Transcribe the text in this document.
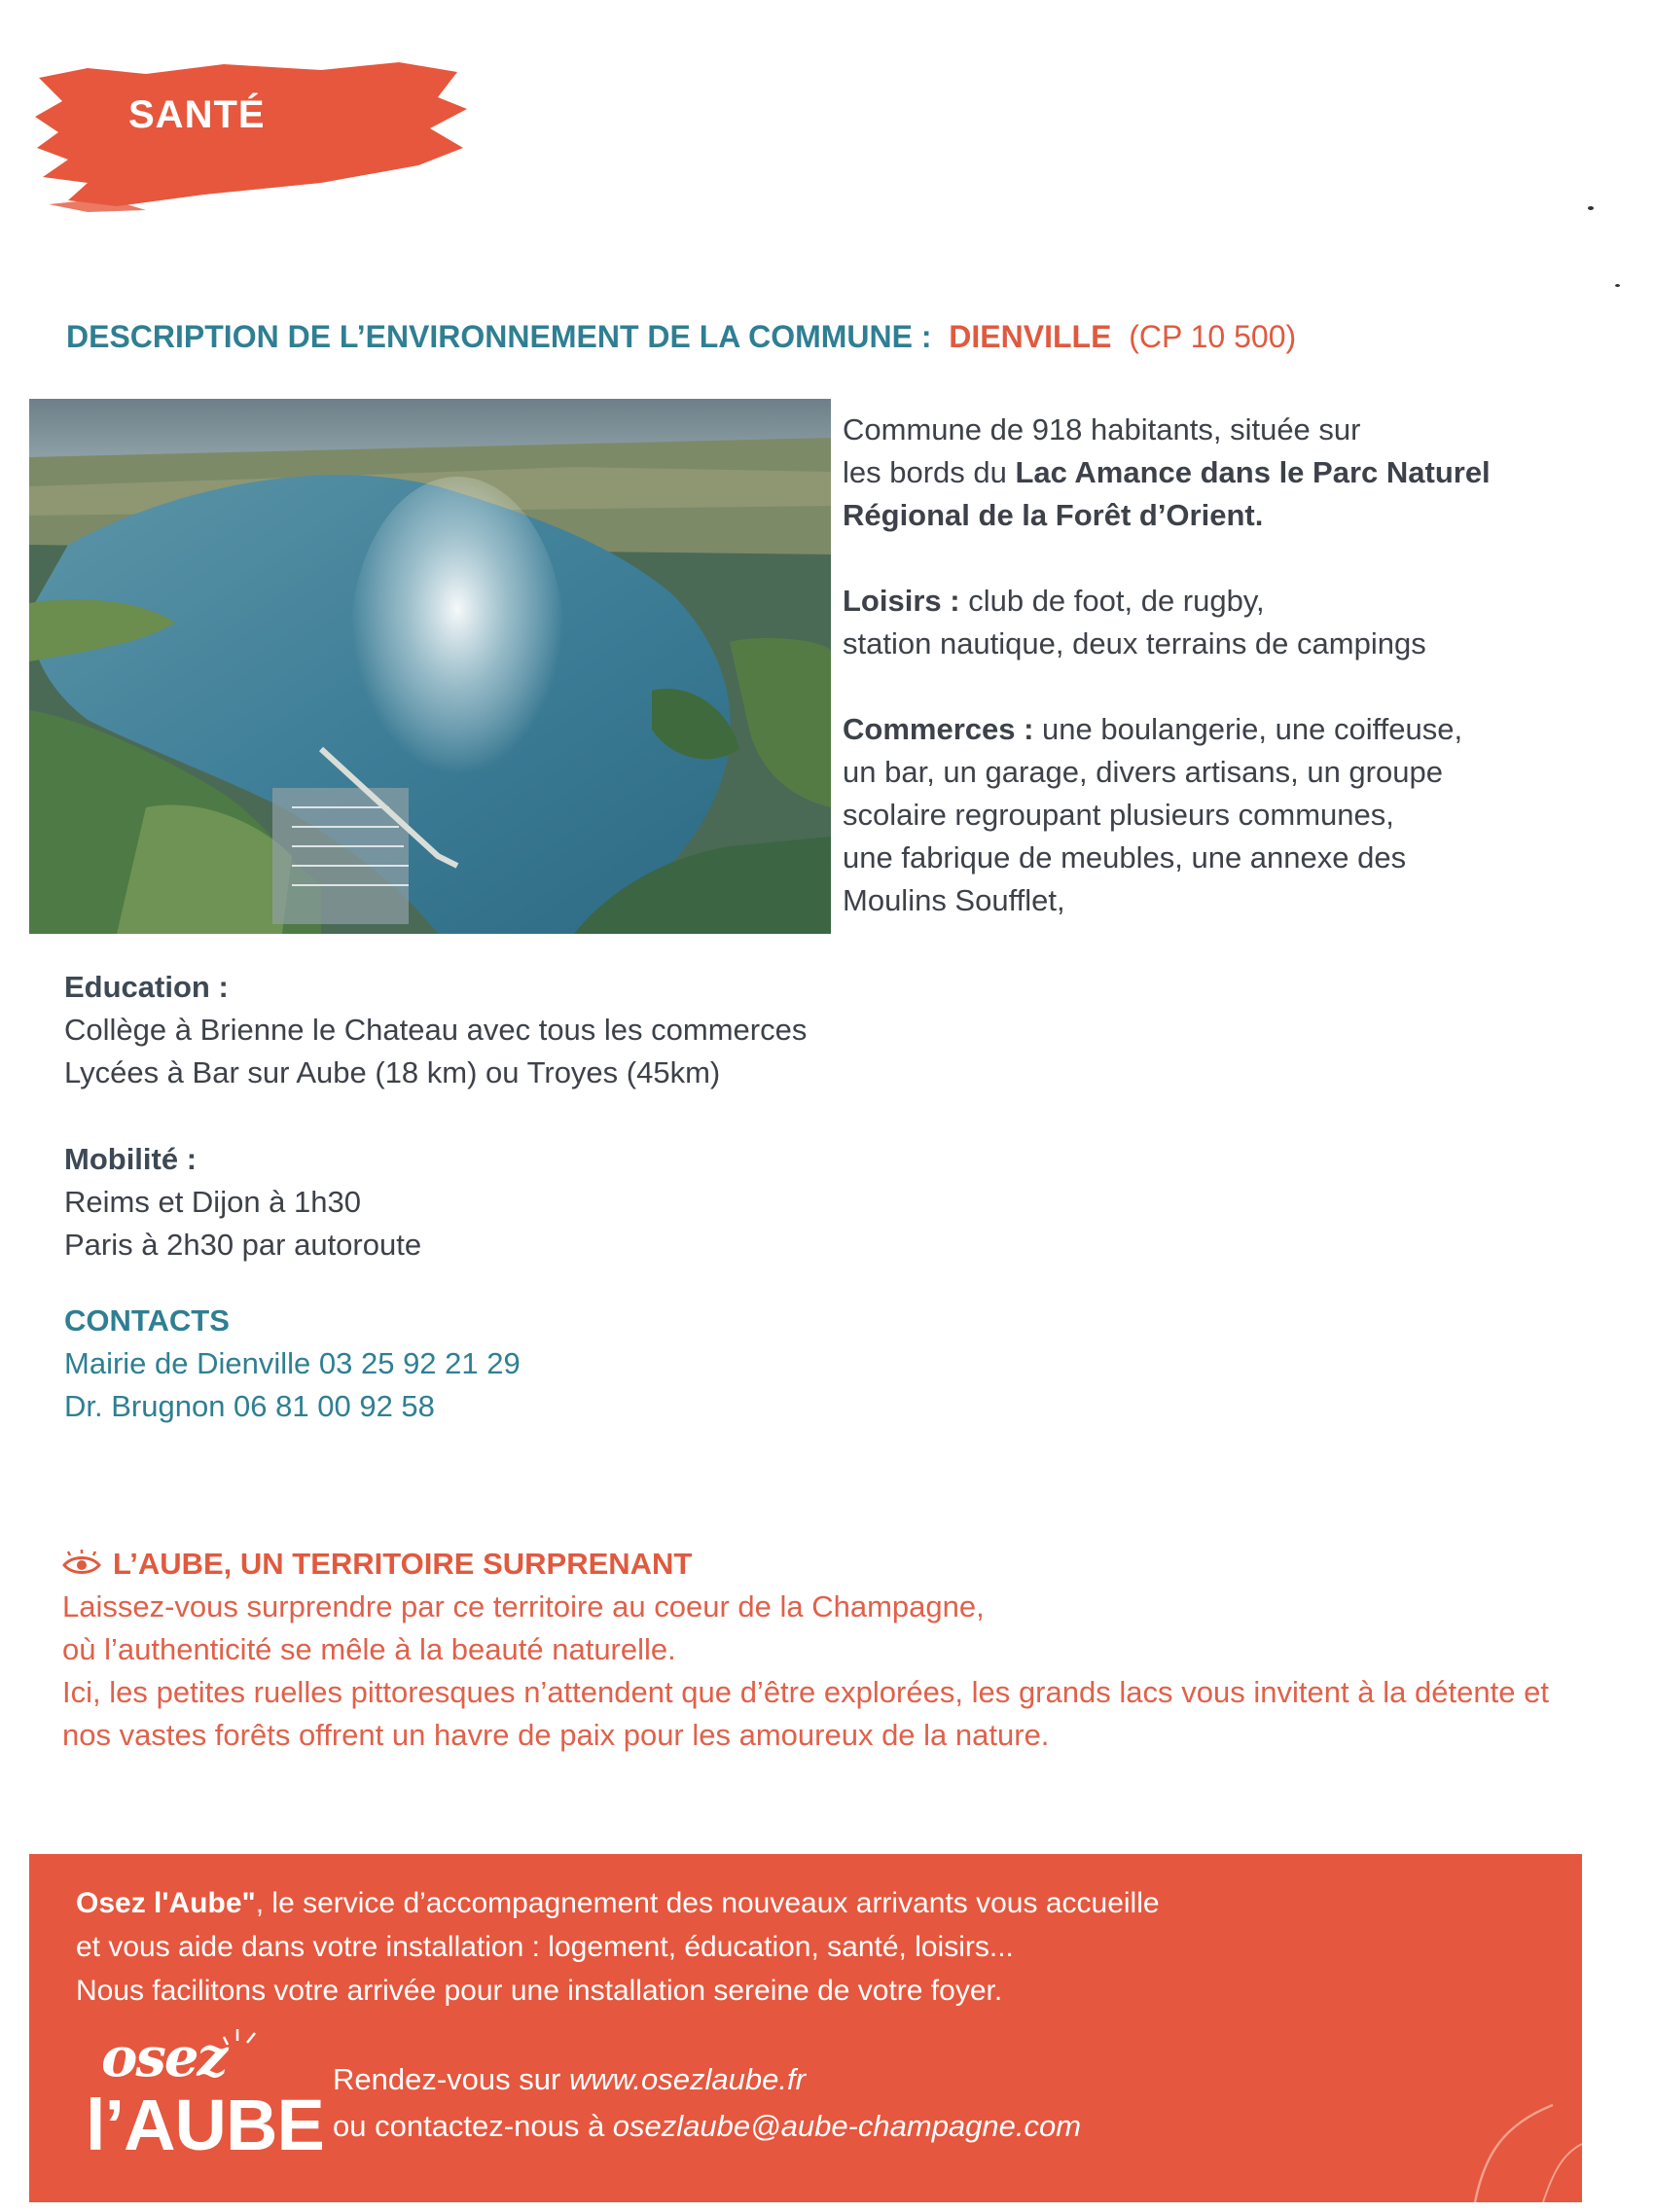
SANTÉ
DESCRIPTION DE L’ENVIRONNEMENT DE LA COMMUNE : DIENVILLE (CP 10 500)

Commune de 918 habitants, située sur
les bords du Lac Amance dans le Parc Naturel
Régional de la Forêt d’Orient.

Loisirs : club de foot, de rugby,
station nautique, deux terrains de campings

Commerces : une boulangerie, une coiffeuse,
un bar, un garage, divers artisans, un groupe
scolaire regroupant plusieurs communes,
une fabrique de meubles, une annexe des
Moulins Soufflet,

Education :
Collège à Brienne le Chateau avec tous les commerces
Lycées à Bar sur Aube (18 km) ou Troyes (45km)
Mobilité :
Reims et Dijon à 1h30
Paris à 2h30 par autoroute
CONTACTS
Mairie de Dienville 03 25 92 21 29
Dr. Brugnon 06 81 00 92 58
L’AUBE, UN TERRITOIRE SURPRENANT

Laissez-vous surprendre par ce territoire au coeur de la Champagne,

où l’authenticité se mêle à la beauté naturelle.

Ici, les petites ruelles pittoresques n’attendent que d’être explorées, les grands lacs vous invitent à la détente et nos vastes forêts offrent un havre de paix pour les amoureux de la nature.

Osez l'Aube", le service d’accompagnement des nouveaux arrivants vous accueille
et vous aide dans votre installation : logement, éducation, santé, loisirs...
Nous facilitons votre arrivée pour une installation sereine de votre foyer.
osez
l’AUBE
Rendez-vous sur www.osezlaube.fr
ou contactez-nous à osezlaube@aube-champagne.com
